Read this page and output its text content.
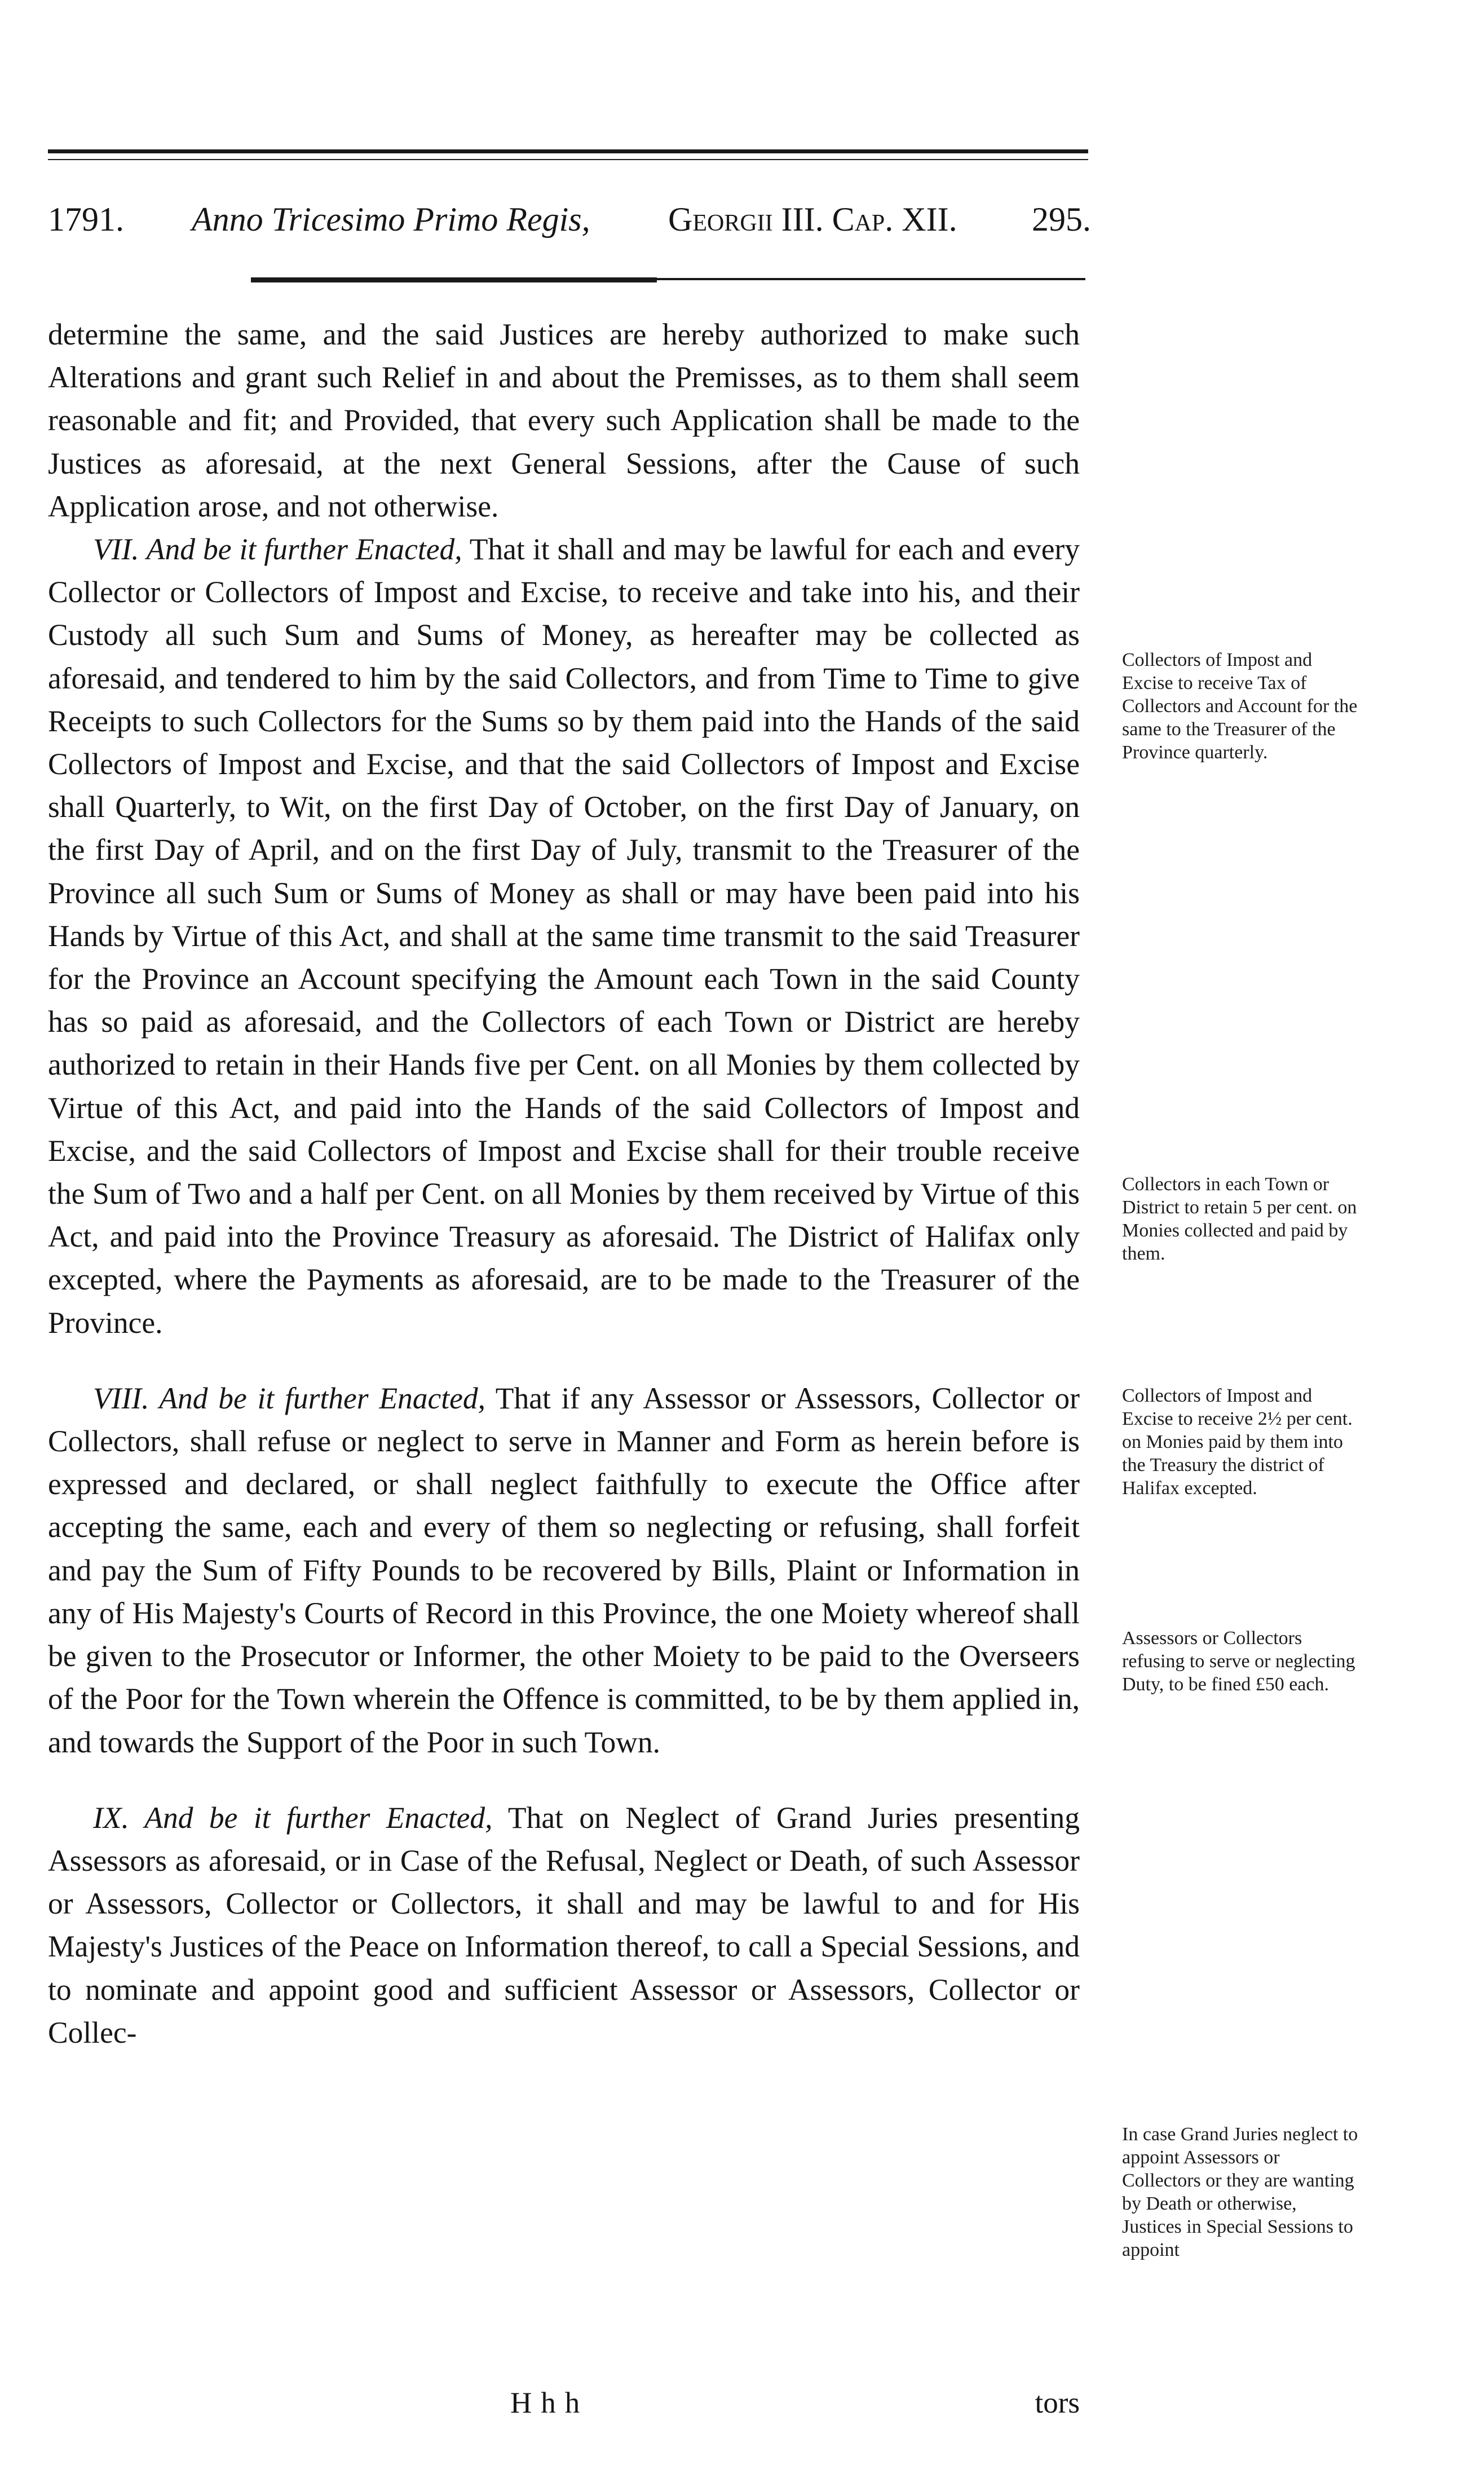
1791. Anno Tricesimo Primo Regis, Georgii III. Cap. XII. 295.

determine the same, and the said Justices are hereby authorized to make such Alterations and grant such Relief in and about the Premisses, as to them shall seem reasonable and fit; and Provided, that every such Application shall be made to the Justices as aforesaid, at the next General Sessions, after the Cause of such Application arose, and not otherwise.

VII. And be it further Enacted, That it shall and may be lawful for each and every Collector or Collectors of Impost and Excise, to receive and take into his, and their Custody all such Sum and Sums of Money, as hereafter may be collected as aforesaid, and tendered to him by the said Collectors, and from Time to Time to give Receipts to such Collectors for the Sums so by them paid into the Hands of the said Collectors of Impost and Excise, and that the said Collectors of Impost and Excise shall Quarterly, to Wit, on the first Day of October, on the first Day of January, on the first Day of April, and on the first Day of July, transmit to the Treasurer of the Province all such Sum or Sums of Money as shall or may have been paid into his Hands by Virtue of this Act, and shall at the same time transmit to the said Treasurer for the Province an Account specifying the Amount each Town in the said County has so paid as aforesaid, and the Collectors of each Town or District are hereby authorized to retain in their Hands five per Cent. on all Monies by them collected by Virtue of this Act, and paid into the Hands of the said Collectors of Impost and Excise, and the said Collectors of Impost and Excise shall for their trouble receive the Sum of Two and a half per Cent. on all Monies by them received by Virtue of this Act, and paid into the Province Treasury as aforesaid. The District of Halifax only excepted, where the Payments as aforesaid, are to be made to the Treasurer of the Province.

VIII. And be it further Enacted, That if any Assessor or Assessors, Collector or Collectors, shall refuse or neglect to serve in Manner and Form as herein before is expressed and declared, or shall neglect faithfully to execute the Office after accepting the same, each and every of them so neglecting or refusing, shall forfeit and pay the Sum of Fifty Pounds to be recovered by Bills, Plaint or Information in any of His Majesty's Courts of Record in this Province, the one Moiety whereof shall be given to the Prosecutor or Informer, the other Moiety to be paid to the Overseers of the Poor for the Town wherein the Offence is committed, to be by them applied in, and towards the Support of the Poor in such Town.

IX. And be it further Enacted, That on Neglect of Grand Juries presenting Assessors as aforesaid, or in Case of the Refusal, Neglect or Death, of such Assessor or Assessors, Collector or Collectors, it shall and may be lawful to and for His Majesty's Justices of the Peace on Information thereof, to call a Special Sessions, and to nominate and appoint good and sufficient Assessor or Assessors, Collector or Collec-

Collectors of Impost and Excise to receive Tax of Collectors and Account for the same to the Treasurer of the Province quarterly.
Collectors in each Town or District to retain 5 per cent. on Monies collected and paid by them.
Collectors of Impost and Excise to receive 2½ per cent. on Monies paid by them into the Treasury the district of Halifax excepted.
Assessors or Collectors refusing to serve or neglecting Duty, to be fined £50 each.
In case Grand Juries neglect to appoint Assessors or Collectors or they are wanting by Death or otherwise, Justices in Special Sessions to appoint
Hhh	tors
